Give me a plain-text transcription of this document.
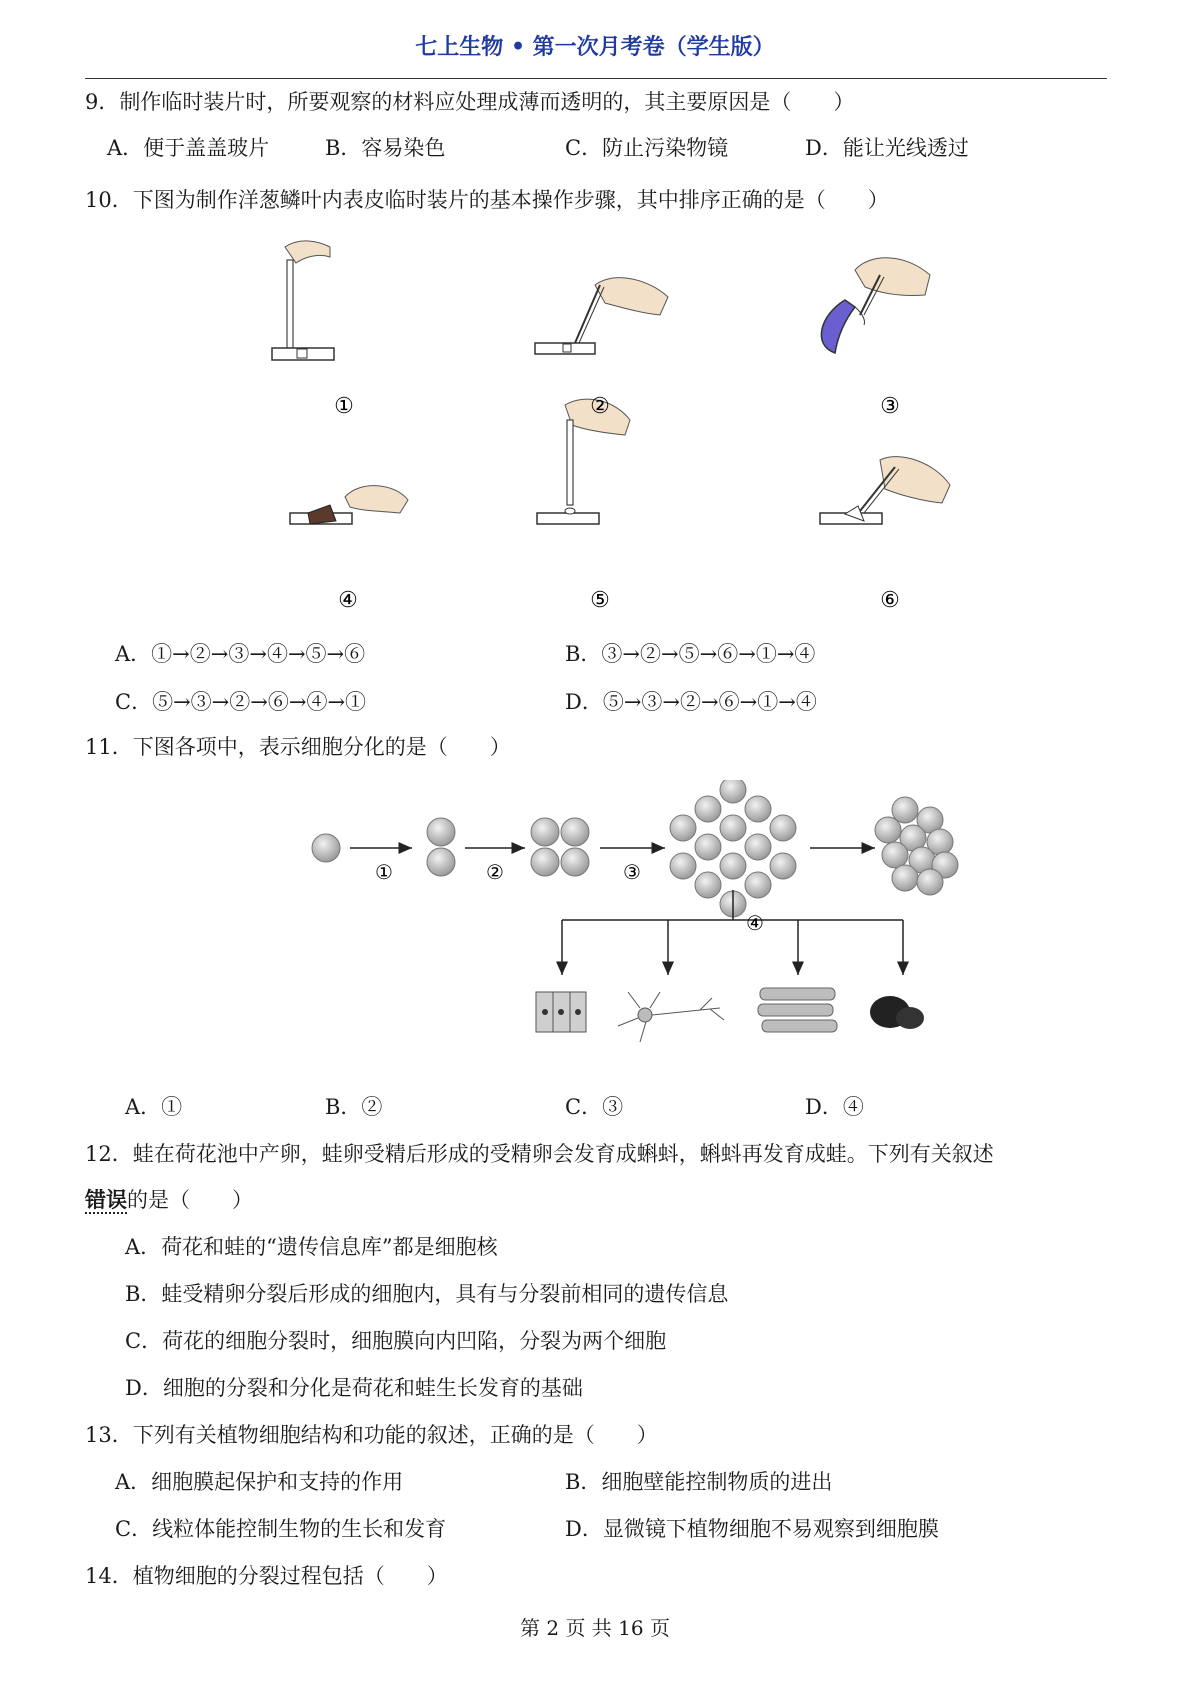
七上生物 • 第一次月考卷（学生版）
9．制作临时装片时，所要观察的材料应处理成薄而透明的，其主要原因是（　　）
A．便于盖盖玻片	B．容易染色	C．防止污染物镜	D．能让光线透过
10．下图为制作洋葱鳞叶内表皮临时装片的基本操作步骤，其中排序正确的是（　　）
①	②	③
④	⑤	⑥
A．①→②→③→④→⑤→⑥	B．③→②→⑤→⑥→①→④
C．⑤→③→②→⑥→④→①	D．⑤→③→②→⑥→①→④
11．下图各项中，表示细胞分化的是（　　）
①	②	③
④
A．①	B．②	C．③	D．④
12．蛙在荷花池中产卵，蛙卵受精后形成的受精卵会发育成蝌蚪，蝌蚪再发育成蛙。下列有关叙述
错误的是（　　）
A．荷花和蛙的“遗传信息库”都是细胞核
B．蛙受精卵分裂后形成的细胞内，具有与分裂前相同的遗传信息
C．荷花的细胞分裂时，细胞膜向内凹陷，分裂为两个细胞
D．细胞的分裂和分化是荷花和蛙生长发育的基础
13．下列有关植物细胞结构和功能的叙述，正确的是（　　）
A．细胞膜起保护和支持的作用	B．细胞壁能控制物质的进出
C．线粒体能控制生物的生长和发育	D．显微镜下植物细胞不易观察到细胞膜
14．植物细胞的分裂过程包括（　　）
第 2 页 共 16 页
